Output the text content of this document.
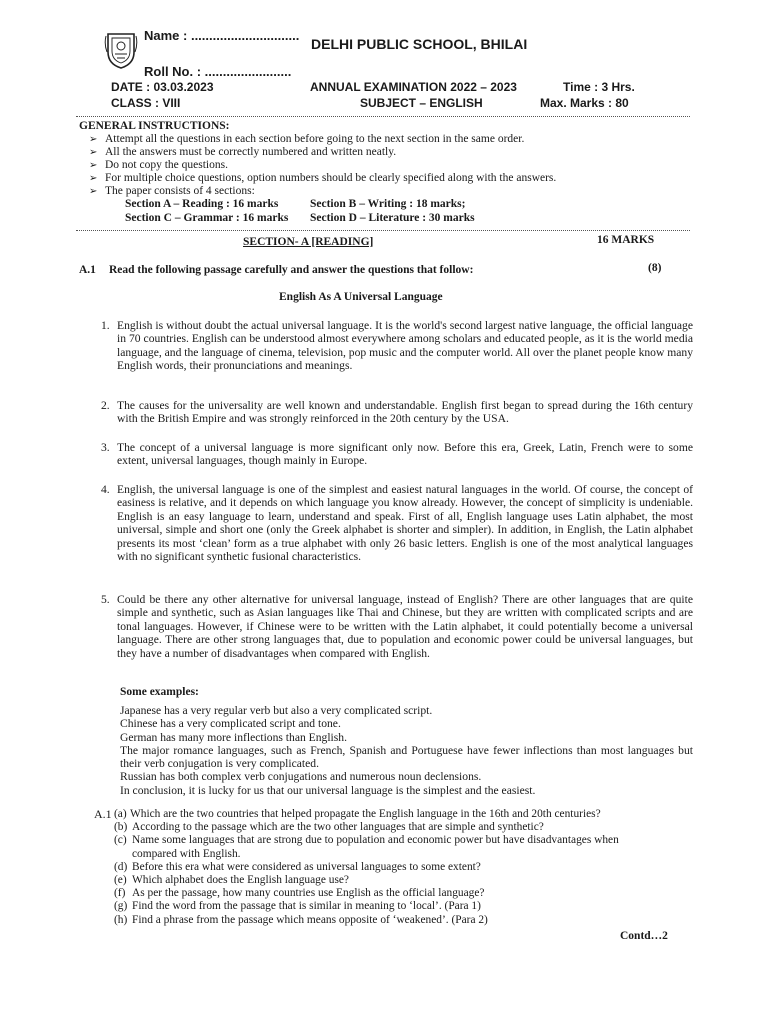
Name : ..............................
DELHI PUBLIC SCHOOL, BHILAI
Roll No. : ........................
DATE : 03.03.2023	ANNUAL EXAMINATION 2022 – 2023	Time : 3 Hrs.
CLASS : VIII	SUBJECT – ENGLISH	Max. Marks : 80
GENERAL INSTRUCTIONS:
➢ Attempt all the questions in each section before going to the next section in the same order.
➢ All the answers must be correctly numbered and written neatly.
➢ Do not copy the questions.
➢ For multiple choice questions, option numbers should be clearly specified along with the answers.
➢ The paper consists of 4 sections:
Section A – Reading : 16 marks	Section B – Writing : 18 marks;
Section C – Grammar : 16 marks Section D – Literature : 30 marks
SECTION- A [READING]	16 MARKS
A.1 Read the following passage carefully and answer the questions that follow:	(8)
English As A Universal Language
1. English is without doubt the actual universal language. It is the world's second largest native language, the official language in 70 countries. English can be understood almost everywhere among scholars and educated people, as it is the world media language, and the language of cinema, television, pop music and the computer world. All over the planet people know many English words, their pronunciations and meanings.
2. The causes for the universality are well known and understandable. English first began to spread during the 16th century with the British Empire and was strongly reinforced in the 20th century by the USA.
3. The concept of a universal language is more significant only now. Before this era, Greek, Latin, French were to some extent, universal languages, though mainly in Europe.
4. English, the universal language is one of the simplest and easiest natural languages in the world. Of course, the concept of easiness is relative, and it depends on which language you know already. However, the concept of simplicity is undeniable. English is an easy language to learn, understand and speak. First of all, English language uses Latin alphabet, the most universal, simple and short one (only the Greek alphabet is shorter and simpler). In addition, in English, the Latin alphabet presents its most ‘clean’ form as a true alphabet with only 26 basic letters. English is one of the most analytical languages with no significant synthetic fusional characteristics.
5. Could be there any other alternative for universal language, instead of English? There are other languages that are quite simple and synthetic, such as Asian languages like Thai and Chinese, but they are written with complicated scripts and are tonal languages. However, if Chinese were to be written with the Latin alphabet, it could potentially become a universal language. There are other strong languages that, due to population and economic power could be universal languages, but they have a number of disadvantages when compared with English.
Some examples:
Japanese has a very regular verb but also a very complicated script.
Chinese has a very complicated script and tone.
German has many more inflections than English.
The major romance languages, such as French, Spanish and Portuguese have fewer inflections than most languages but their verb conjugation is very complicated.
Russian has both complex verb conjugations and numerous noun declensions.
In conclusion, it is lucky for us that our universal language is the simplest and the easiest.
A.1 (a) Which are the two countries that helped propagate the English language in the 16th and 20th centuries?
(b) According to the passage which are the two other languages that are simple and synthetic?
(c) Name some languages that are strong due to population and economic power but have disadvantages when compared with English.
(d) Before this era what were considered as universal languages to some extent?
(e) Which alphabet does the English language use?
(f) As per the passage, how many countries use English as the official language?
(g) Find the word from the passage that is similar in meaning to ‘local’. (Para 1)
(h) Find a phrase from the passage which means opposite of ‘weakened’. (Para 2)
Contd…2
